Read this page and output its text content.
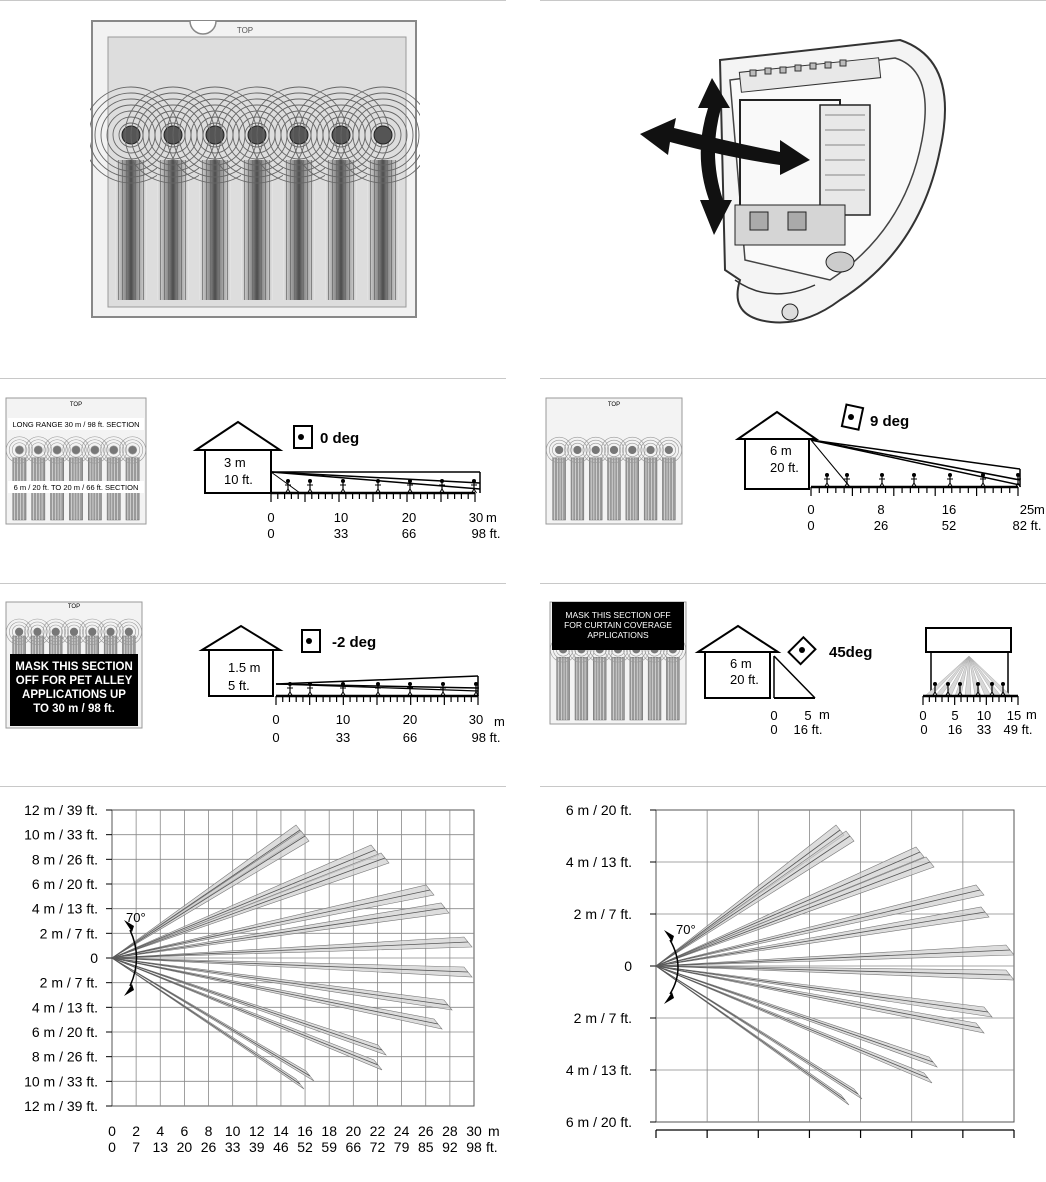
TOP
TOP
LONG RANGE 30 m / 98 ft. SECTION
6 m / 20 ft. TO 20 m / 66 ft. SECTION
3 m
10 ft.
0 deg
0	10	20	30 m
0	33	66	98 ft.
TOP
6 m
20 ft.
9 deg
0	8	16	25 m
0	26	52	82 ft.
TOP
MASK THIS SECTION
OFF FOR PET ALLEY
APPLICATIONS UP
TO 30 m / 98 ft.
1.5 m
5 ft.
-2 deg
0	10	20	30 m
0	33	66	98 ft.
MASK THIS SECTION OFF
FOR CURTAIN COVERAGE
APPLICATIONS
6 m
20 ft.
45deg
0 5 m
0 16 ft.
0 5 10 15 m
0 16 33 49 ft.
12 m / 39 ft.
10 m / 33 ft.
8 m / 26 ft.
6 m / 20 ft.
4 m / 13 ft.
2 m / 7 ft.
0
2 m / 7 ft.
4 m / 13 ft.
6 m / 20 ft.
8 m / 26 ft.
10 m / 33 ft.
12 m / 39 ft.
0
0
2
7
4
13
6
20
8
26
10
33
12
39
14
46
16
52
18
59
20
66
22
72
24
79
26
85
28
92
30
98
m
ft.
70°
6 m / 20 ft.
4 m / 13 ft.
2 m / 7 ft.
0
2 m / 7 ft.
4 m / 13 ft.
6 m / 20 ft.
70°
